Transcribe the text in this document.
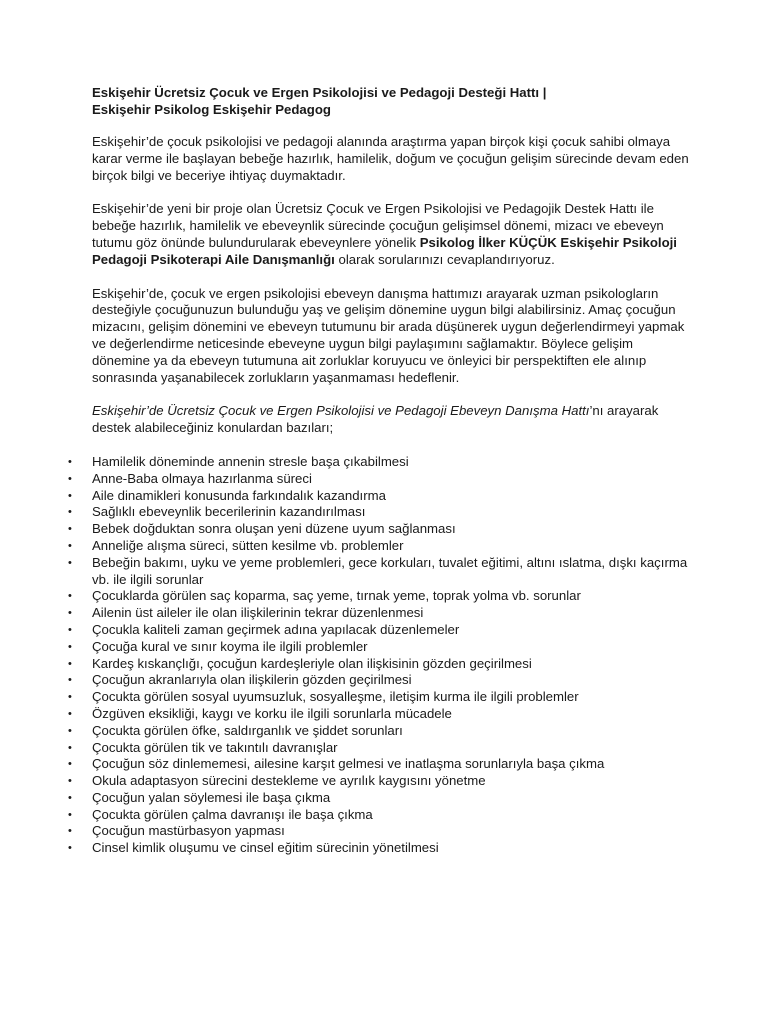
Eskişehir Ücretsiz Çocuk ve Ergen Psikolojisi ve Pedagoji Desteği Hattı |
Eskişehir Psikolog Eskişehir Pedagog

Eskişehir’de çocuk psikolojisi ve pedagoji alanında araştırma yapan birçok kişi çocuk sahibi olmaya karar verme ile başlayan bebeğe hazırlık, hamilelik, doğum ve çocuğun gelişim sürecinde devam eden birçok bilgi ve beceriye ihtiyaç duymaktadır.

Eskişehir’de yeni bir proje olan Ücretsiz Çocuk ve Ergen Psikolojisi ve Pedagojik Destek Hattı ile bebeğe hazırlık, hamilelik ve ebeveynlik sürecinde çocuğun gelişimsel dönemi, mizacı ve ebeveyn tutumu göz önünde bulundurularak ebeveynlere yönelik Psikolog İlker KÜÇÜK Eskişehir Psikoloji Pedagoji Psikoterapi Aile Danışmanlığı olarak sorularınızı cevaplandırıyoruz.

Eskişehir’de, çocuk ve ergen psikolojisi ebeveyn danışma hattımızı arayarak uzman psikologların desteğiyle çocuğunuzun bulunduğu yaş ve gelişim dönemine uygun bilgi alabilirsiniz. Amaç çocuğun mizacını, gelişim dönemini ve ebeveyn tutumunu bir arada düşünerek uygun değerlendirmeyi yapmak ve değerlendirme neticesinde ebeveyne uygun bilgi paylaşımını sağlamaktır. Böylece gelişim dönemine ya da ebeveyn tutumuna ait zorluklar koruyucu ve önleyici bir perspektiften ele alınıp sonrasında yaşanabilecek zorlukların yaşanmaması hedeflenir.

Eskişehir’de Ücretsiz Çocuk ve Ergen Psikolojisi ve Pedagoji Ebeveyn Danışma Hattı’nı arayarak destek alabileceğiniz konulardan bazıları;

• Hamilelik döneminde annenin stresle başa çıkabilmesi
• Anne-Baba olmaya hazırlanma süreci
• Aile dinamikleri konusunda farkındalık kazandırma
• Sağlıklı ebeveynlik becerilerinin kazandırılması
• Bebek doğduktan sonra oluşan yeni düzene uyum sağlanması
• Anneliğe alışma süreci, sütten kesilme vb. problemler
• Bebeğin bakımı, uyku ve yeme problemleri, gece korkuları, tuvalet eğitimi, altını ıslatma, dışkı kaçırma vb. ile ilgili sorunlar
• Çocuklarda görülen saç koparma, saç yeme, tırnak yeme, toprak yolma vb. sorunlar
• Ailenin üst aileler ile olan ilişkilerinin tekrar düzenlenmesi
• Çocukla kaliteli zaman geçirmek adına yapılacak düzenlemeler
• Çocuğa kural ve sınır koyma ile ilgili problemler
• Kardeş kıskançlığı, çocuğun kardeşleriyle olan ilişkisinin gözden geçirilmesi
• Çocuğun akranlarıyla olan ilişkilerin gözden geçirilmesi
• Çocukta görülen sosyal uyumsuzluk, sosyalleşme, iletişim kurma ile ilgili problemler
• Özgüven eksikliği, kaygı ve korku ile ilgili sorunlarla mücadele
• Çocukta görülen öfke, saldırganlık ve şiddet sorunları
• Çocukta görülen tik ve takıntılı davranışlar
• Çocuğun söz dinlememesi, ailesine karşıt gelmesi ve inatlaşma sorunlarıyla başa çıkma
• Okula adaptasyon sürecini destekleme ve ayrılık kaygısını yönetme
• Çocuğun yalan söylemesi ile başa çıkma
• Çocukta görülen çalma davranışı ile başa çıkma
• Çocuğun mastürbasyon yapması
• Cinsel kimlik oluşumu ve cinsel eğitim sürecinin yönetilmesi
